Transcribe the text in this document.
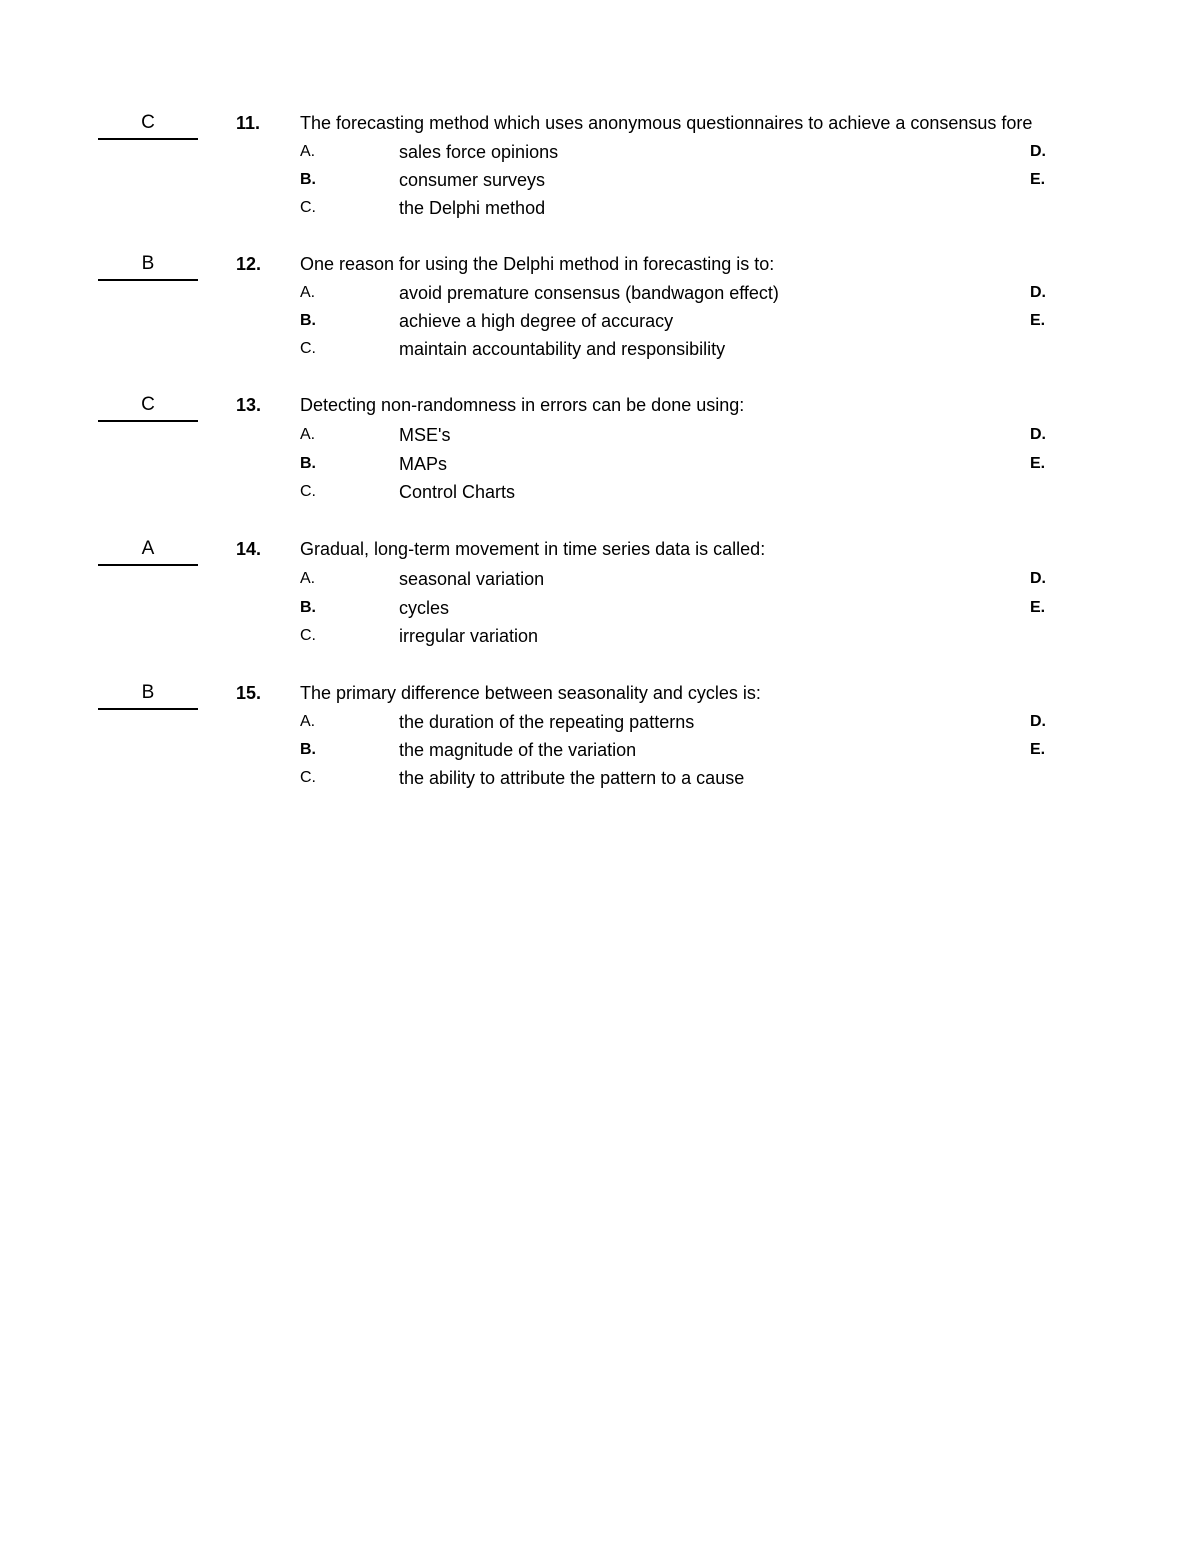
C	11. The forecasting method which uses anonymous questionnaires to achieve a consensus fore
A.	sales force opinions	D.
B.	consumer surveys	E.
C.	the Delphi method
B	12. One reason for using the Delphi method in forecasting is to:
A.	avoid premature consensus (bandwagon effect)	D.
B.	achieve a high degree of accuracy	E.
C.	maintain accountability and responsibility
C	13. Detecting non-randomness in errors can be done using:
A.	MSE's	D.
B.	MAPs	E.
C.	Control Charts
A	14. Gradual, long-term movement in time series data is called:
A.	seasonal variation	D.
B.	cycles	E.
C.	irregular variation
B	15. The primary difference between seasonality and cycles is:
A.	the duration of the repeating patterns	D.
B.	the magnitude of the variation	E.
C.	the ability to attribute the pattern to a cause
